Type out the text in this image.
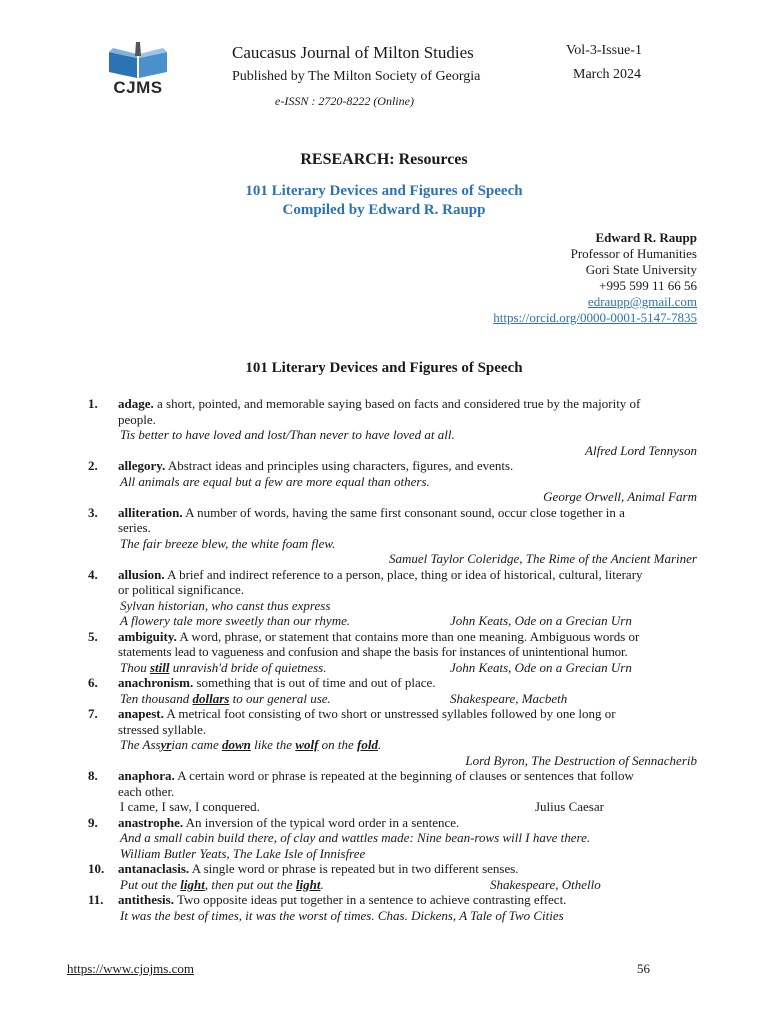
CJMS
Caucasus Journal of Milton Studies
Published by The Milton Society of Georgia
e-ISSN : 2720-8222 (Online)
Vol-3-Issue-1
March 2024
RESEARCH: Resources
101 Literary Devices and Figures of Speech
Compiled by Edward R. Raupp
Edward R. Raupp
Professor of Humanities
Gori State University
+995 599 11 66 56
edraupp@gmail.com
https://orcid.org/0000-0001-5147-7835
101 Literary Devices and Figures of Speech
1. adage. a short, pointed, and memorable saying based on facts and considered true by the majority of
people.
Tis better to have loved and lost/Than never to have loved at all.
Alfred Lord Tennyson
2. allegory. Abstract ideas and principles using characters, figures, and events.
All animals are equal but a few are more equal than others.
George Orwell, Animal Farm
3. alliteration. A number of words, having the same first consonant sound, occur close together in a
series.
The fair breeze blew, the white foam flew.
Samuel Taylor Coleridge, The Rime of the Ancient Mariner
4. allusion. A brief and indirect reference to a person, place, thing or idea of historical, cultural, literary
or political significance.
Sylvan historian, who canst thus express
A flowery tale more sweetly than our rhyme.	John Keats, Ode on a Grecian Urn
5. ambiguity. A word, phrase, or statement that contains more than one meaning. Ambiguous words or
statements lead to vagueness and confusion and shape the basis for instances of unintentional humor.
Thou still unravish'd bride of quietness.	John Keats, Ode on a Grecian Urn
6. anachronism. something that is out of time and out of place.
Ten thousand dollars to our general use.	Shakespeare, Macbeth
7. anapest. A metrical foot consisting of two short or unstressed syllables followed by one long or
stressed syllable.
The Assyrian came down like the wolf on the fold.
Lord Byron, The Destruction of Sennacherib
8. anaphora. A certain word or phrase is repeated at the beginning of clauses or sentences that follow
each other.
I came, I saw, I conquered.	Julius Caesar
9. anastrophe. An inversion of the typical word order in a sentence.
And a small cabin build there, of clay and wattles made: Nine bean-rows will I have there.
William Butler Yeats, The Lake Isle of Innisfree
10. antanaclasis. A single word or phrase is repeated but in two different senses.
Put out the light, then put out the light.	Shakespeare, Othello
11. antithesis. Two opposite ideas put together in a sentence to achieve contrasting effect.
It was the best of times, it was the worst of times. Chas. Dickens, A Tale of Two Cities
https://www.cjojms.com	56
